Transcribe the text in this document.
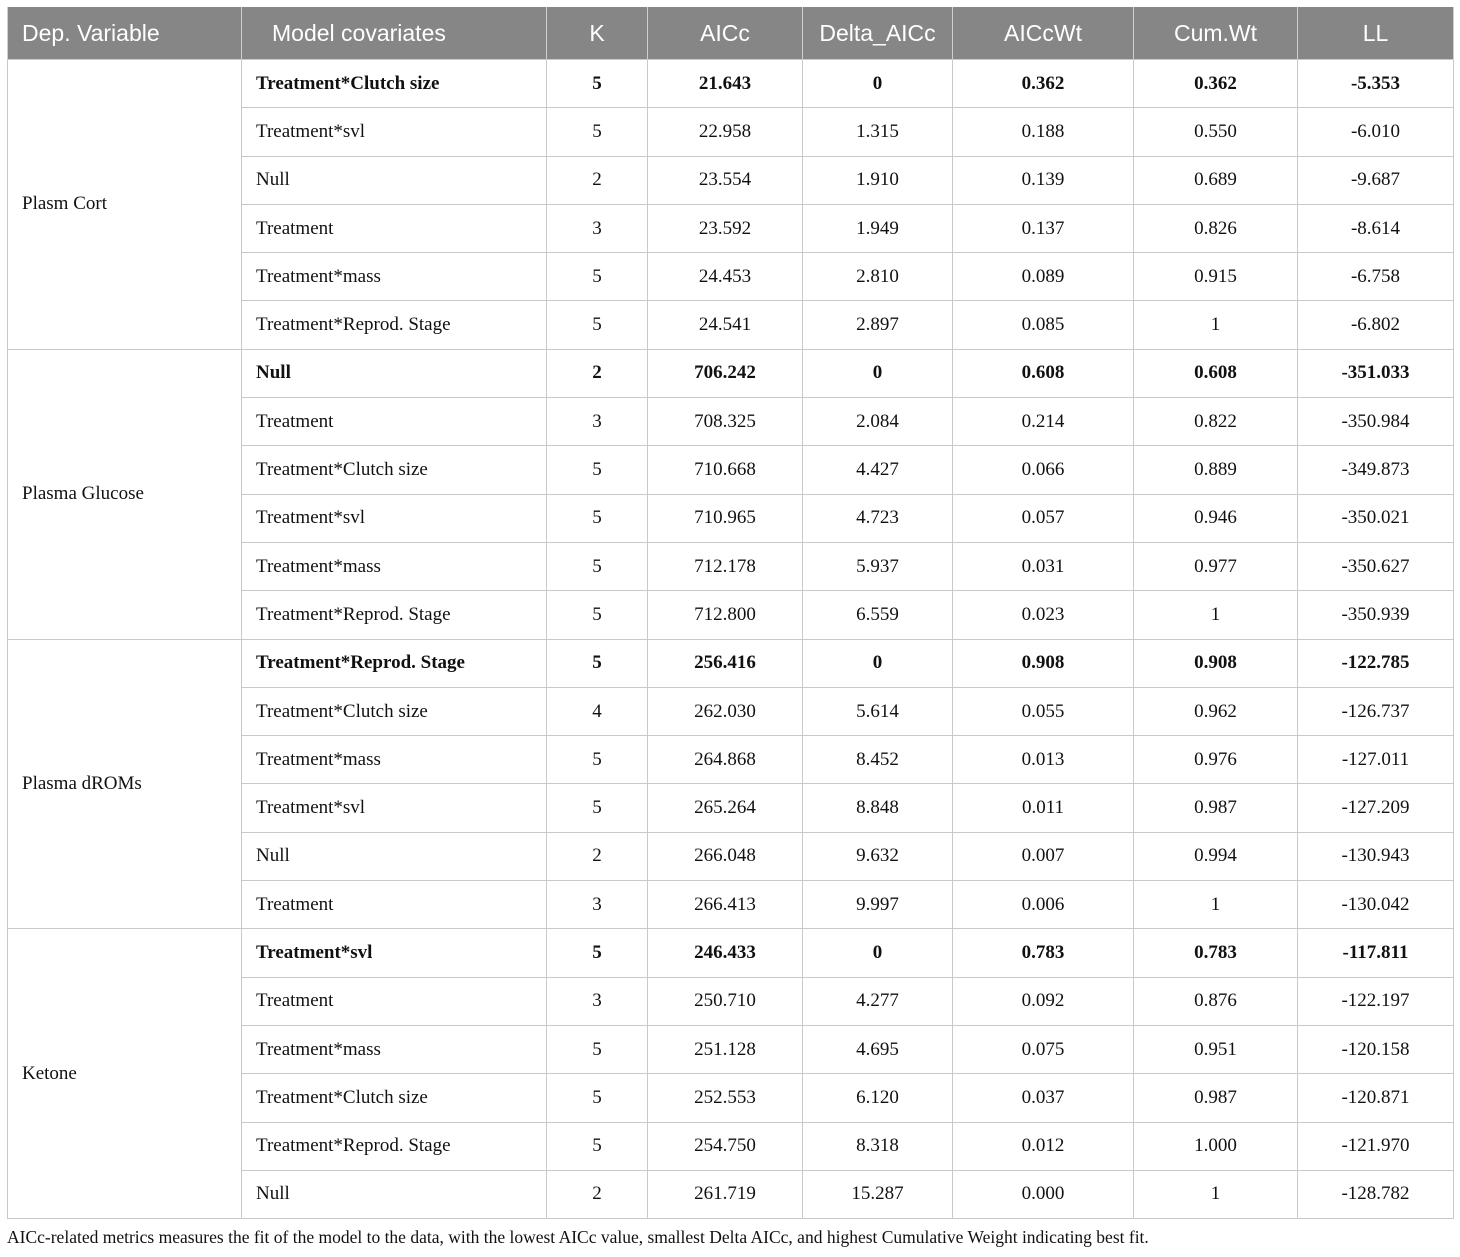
Dep. Variable	Model covariates	K	AICc	Delta_AICc	AICcWt	Cum.Wt	LL
Plasm Cort	Treatment*Clutch size	5	21.643	0	0.362	0.362	-5.353
	Treatment*svl	5	22.958	1.315	0.188	0.550	-6.010
	Null	2	23.554	1.910	0.139	0.689	-9.687
	Treatment	3	23.592	1.949	0.137	0.826	-8.614
	Treatment*mass	5	24.453	2.810	0.089	0.915	-6.758
	Treatment*Reprod. Stage	5	24.541	2.897	0.085	1	-6.802
Plasma Glucose	Null	2	706.242	0	0.608	0.608	-351.033
	Treatment	3	708.325	2.084	0.214	0.822	-350.984
	Treatment*Clutch size	5	710.668	4.427	0.066	0.889	-349.873
	Treatment*svl	5	710.965	4.723	0.057	0.946	-350.021
	Treatment*mass	5	712.178	5.937	0.031	0.977	-350.627
	Treatment*Reprod. Stage	5	712.800	6.559	0.023	1	-350.939
Plasma dROMs	Treatment*Reprod. Stage	5	256.416	0	0.908	0.908	-122.785
	Treatment*Clutch size	4	262.030	5.614	0.055	0.962	-126.737
	Treatment*mass	5	264.868	8.452	0.013	0.976	-127.011
	Treatment*svl	5	265.264	8.848	0.011	0.987	-127.209
	Null	2	266.048	9.632	0.007	0.994	-130.943
	Treatment	3	266.413	9.997	0.006	1	-130.042
Ketone	Treatment*svl	5	246.433	0	0.783	0.783	-117.811
	Treatment	3	250.710	4.277	0.092	0.876	-122.197
	Treatment*mass	5	251.128	4.695	0.075	0.951	-120.158
	Treatment*Clutch size	5	252.553	6.120	0.037	0.987	-120.871
	Treatment*Reprod. Stage	5	254.750	8.318	0.012	1.000	-121.970
	Null	2	261.719	15.287	0.000	1	-128.782
AICc-related metrics measures the fit of the model to the data, with the lowest AICc value, smallest Delta AICc, and highest Cumulative Weight indicating best fit.
